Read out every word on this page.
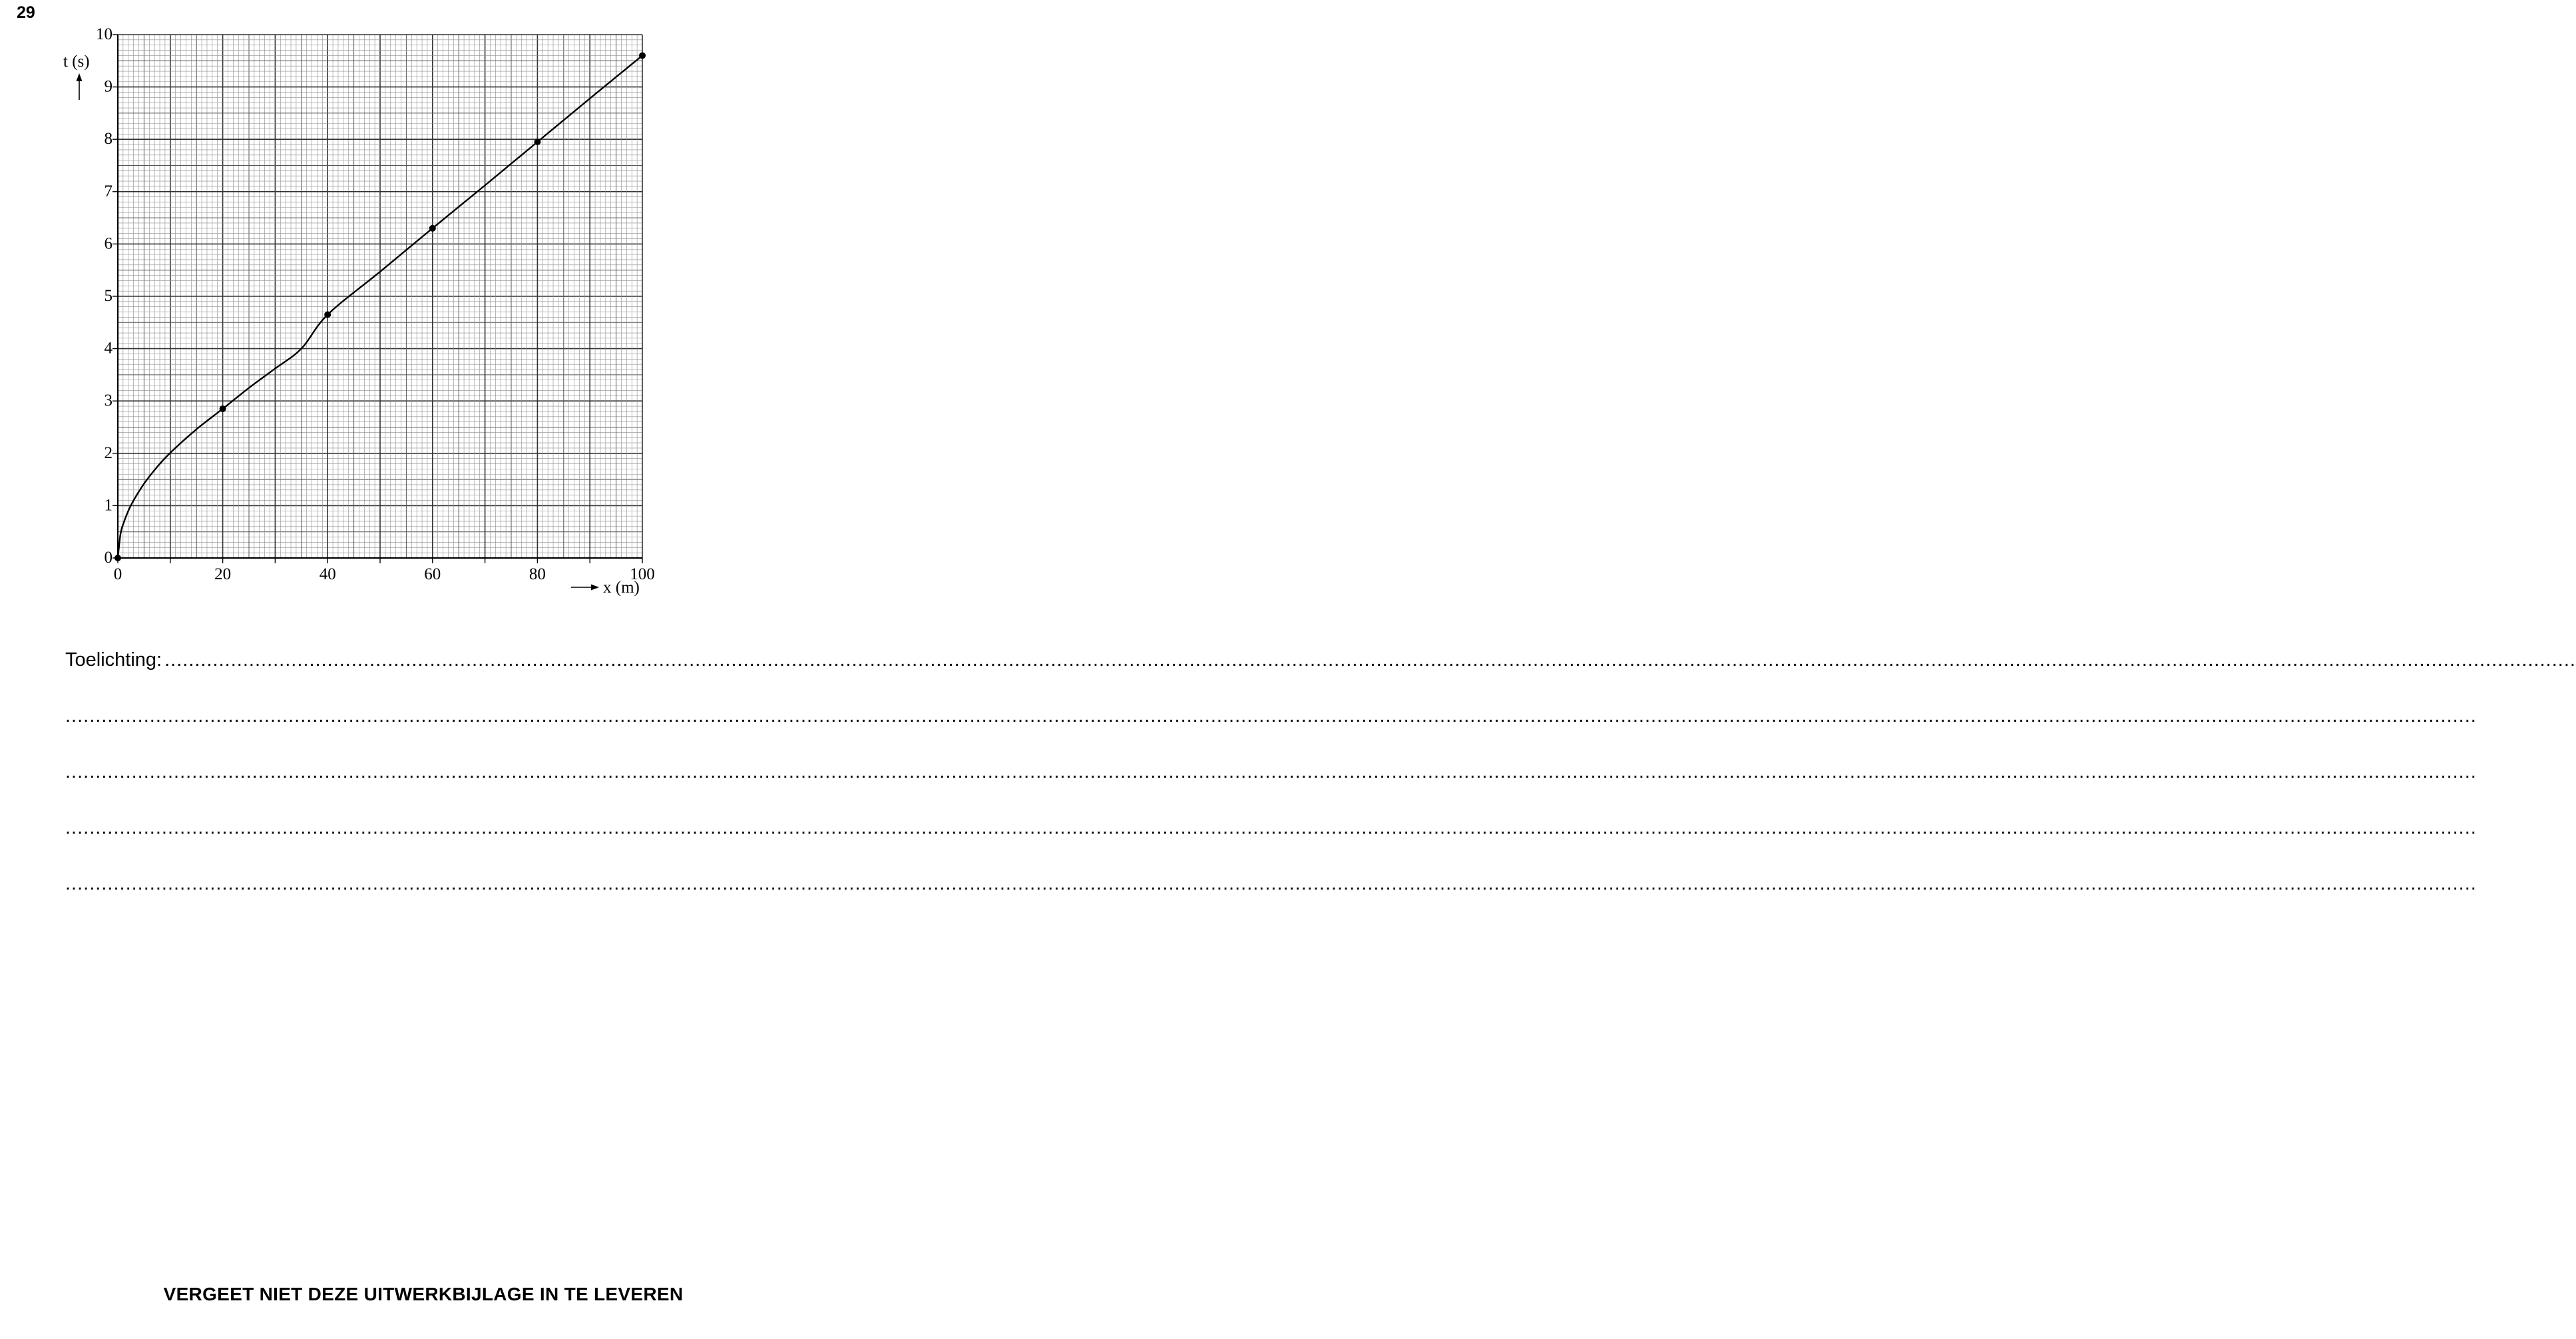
29
0	20	40	60	80	100
0
1
2
3
4
5
6
7
8
9
10
t (s)
x (m)
Toelichting: ................................................................................................................................................................................................................................................................................................................................................................................................................
................................................................................................................................................................................................................................................................................................................................................................................................................
................................................................................................................................................................................................................................................................................................................................................................................................................
................................................................................................................................................................................................................................................................................................................................................................................................................
................................................................................................................................................................................................................................................................................................................................................................................................................
VERGEET NIET DEZE UITWERKBIJLAGE IN TE LEVEREN
